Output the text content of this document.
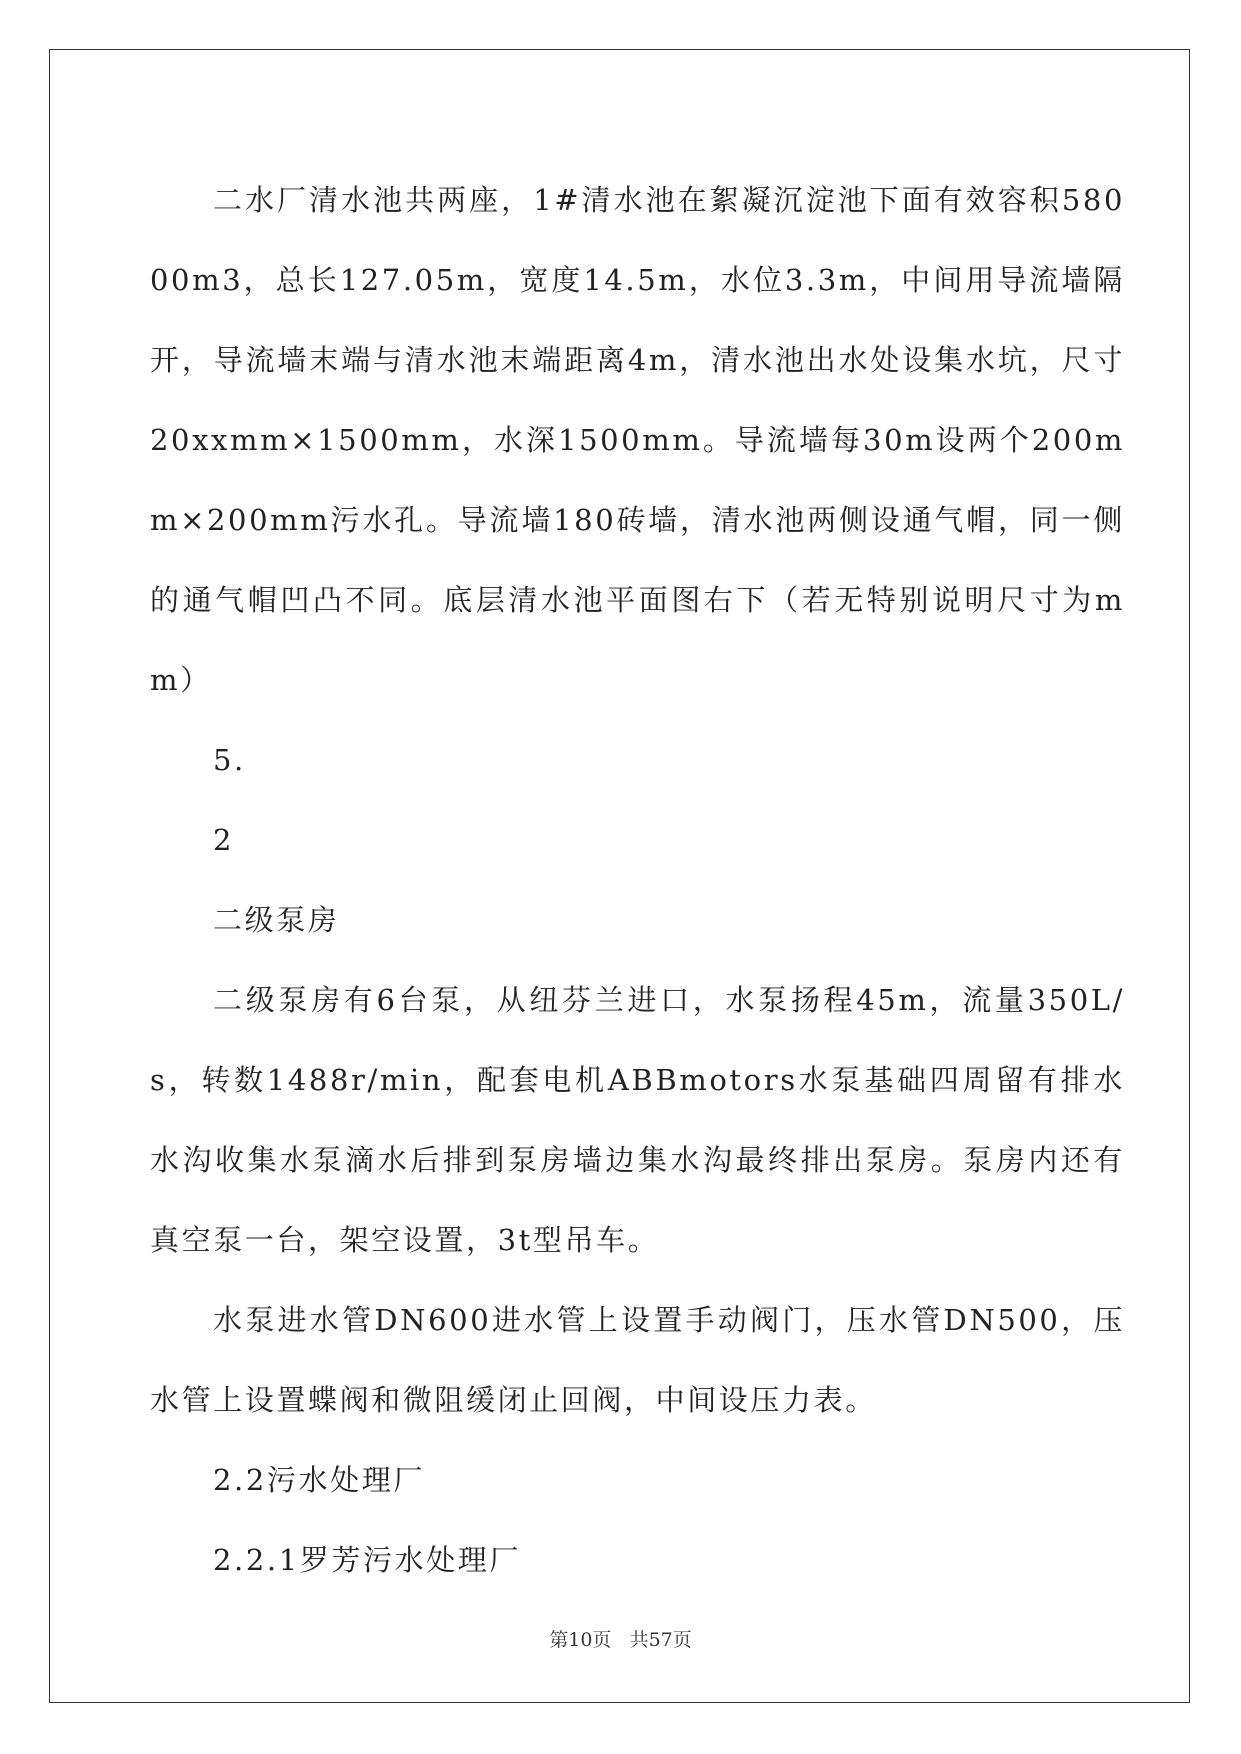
二水厂清水池共两座，1#清水池在絮凝沉淀池下面有效容积58000m3，总长127.05m，宽度14.5m，水位3.3m，中间用导流墙隔开，导流墙末端与清水池末端距离4m，清水池出水处设集水坑，尺寸20xxmm×1500mm，水深1500mm。导流墙每30m设两个200mm×200mm污水孔。导流墙180砖墙，清水池两侧设通气帽，同一侧的通气帽凹凸不同。底层清水池平面图右下（若无特别说明尺寸为mm）

5.

2

二级泵房

二级泵房有6台泵，从纽芬兰进口，水泵扬程45m，流量350L/s，转数1488r/min，配套电机ABBmotors水泵基础四周留有排水水沟收集水泵滴水后排到泵房墙边集水沟最终排出泵房。泵房内还有真空泵一台，架空设置，3t型吊车。

水泵进水管DN600进水管上设置手动阀门，压水管DN500，压水管上设置蝶阀和微阻缓闭止回阀，中间设压力表。

2.2污水处理厂

2.2.1罗芳污水处理厂

第10页 共57页
